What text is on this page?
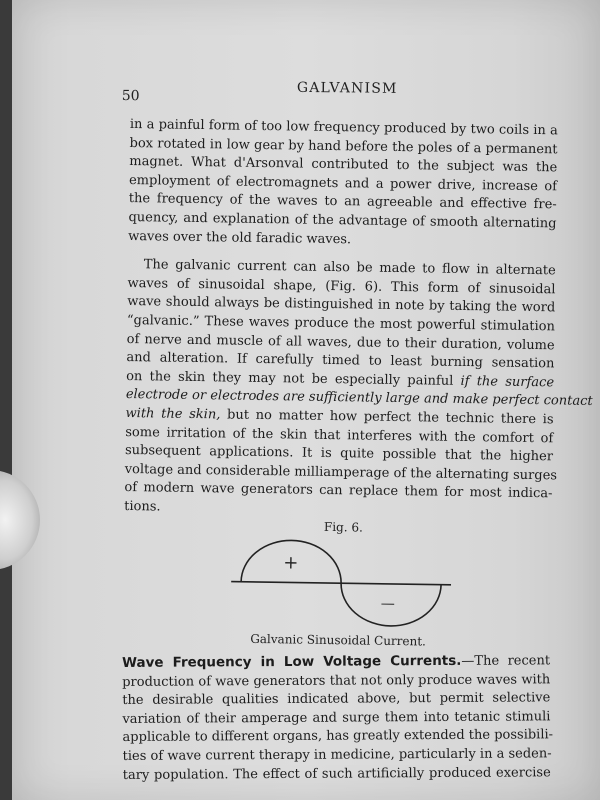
50	GALVANISM
in a painful form of too low frequency produced by two coils in a
box rotated in low gear by hand before the poles of a permanent
magnet. What d'Arsonval contributed to the subject was the
employment of electromagnets and a power drive, increase of
the frequency of the waves to an agreeable and effective fre-
quency, and explanation of the advantage of smooth alternating
waves over the old faradic waves.
The galvanic current can also be made to flow in alternate
waves of sinusoidal shape, (Fig. 6). This form of sinusoidal
wave should always be distinguished in note by taking the word
“galvanic.” These waves produce the most powerful stimulation
of nerve and muscle of all waves, due to their duration, volume
and alteration. If carefully timed to least burning sensation
on the skin they may not be especially painful if the surface
electrode or electrodes are sufficiently large and make perfect contact
with the skin, but no matter how perfect the technic there is
some irritation of the skin that interferes with the comfort of
subsequent applications. It is quite possible that the higher
voltage and considerable milliamperage of the alternating surges
of modern wave generators can replace them for most indica-
tions.
Fig. 6.
+
—
Galvanic Sinusoidal Current.
Wave Frequency in Low Voltage Currents.—The recent
production of wave generators that not only produce waves with
the desirable qualities indicated above, but permit selective
variation of their amperage and surge them into tetanic stimuli
applicable to different organs, has greatly extended the possibili-
ties of wave current therapy in medicine, particularly in a seden-
tary population. The effect of such artificially produced exercise
